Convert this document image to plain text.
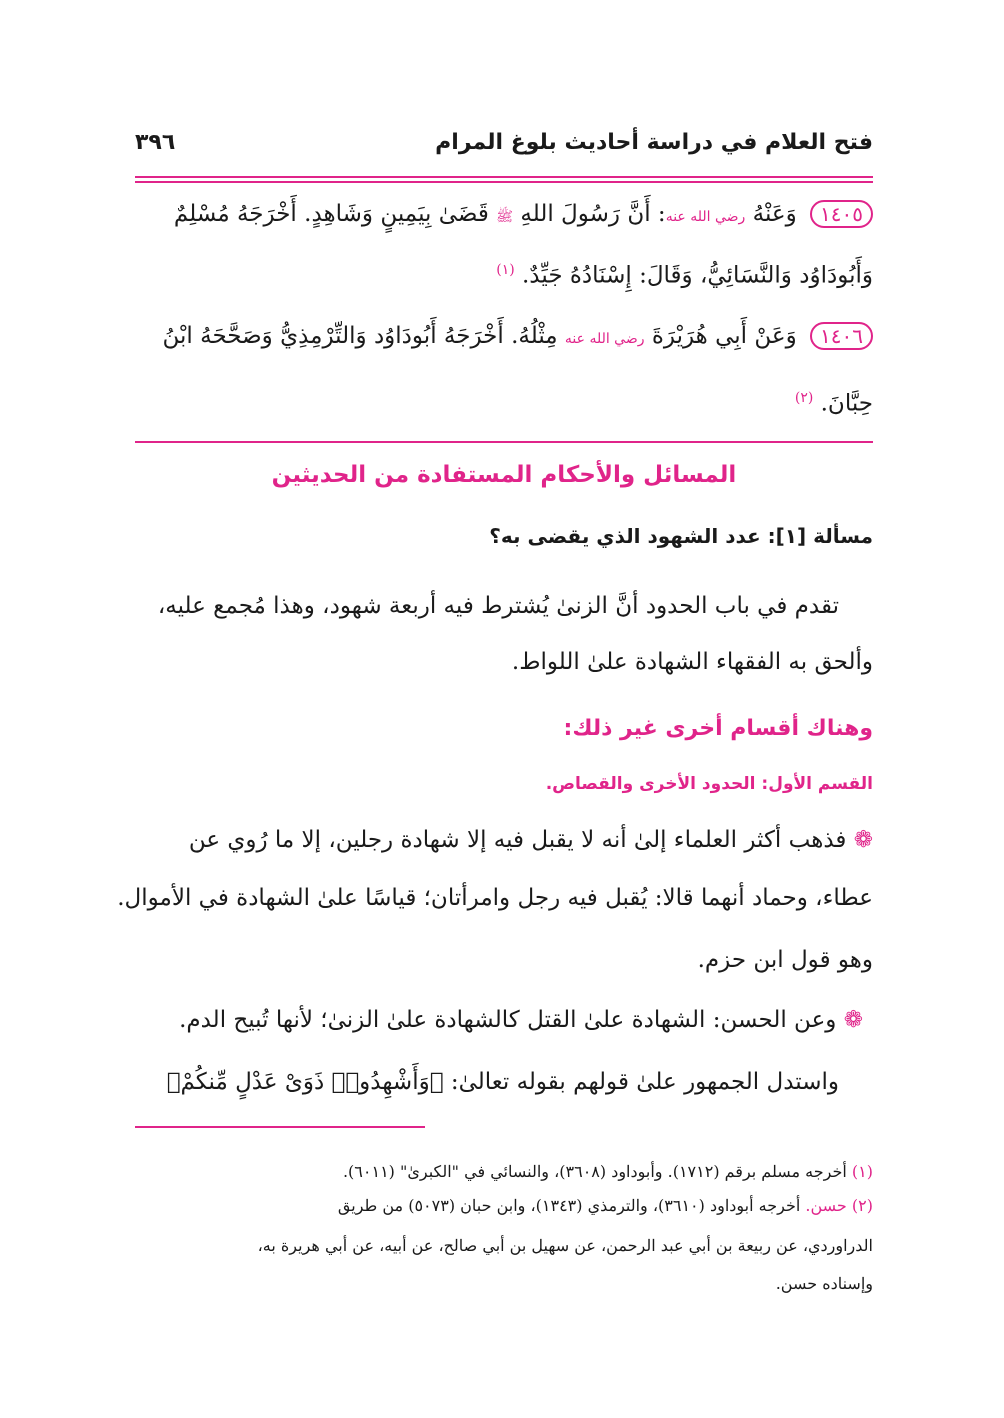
فتح العلام في دراسة أحاديث بلوغ المرام
٣٩٦
١٤٠٥ وَعَنْهُ رضي الله عنه: أَنَّ رَسُولَ اللهِ ﷺ قَضَىٰ بِيَمِينٍ وَشَاهِدٍ. أَخْرَجَهُ مُسْلِمٌ
وَأَبُودَاوُد وَالنَّسَائِيُّ، وَقَالَ: إِسْنَادُهُ جَيِّدٌ. $^{(١)}$
١٤٠٦ وَعَنْ أَبِي هُرَيْرَةَ رضي الله عنه مِثْلُهُ. أَخْرَجَهُ أَبُودَاوُد وَالتِّرْمِذِيُّ وَصَحَّحَهُ ابْنُ
حِبَّانَ. $^{(٢)}$
المسائل والأحكام المستفادة من الحديثين
مسألة [١]: عدد الشهود الذي يقضى به؟
تقدم في باب الحدود أنَّ الزنىٰ يُشترط فيه أربعة شهود، وهذا مُجمع عليه،
وألحق به الفقهاء الشهادة علىٰ اللواط.
وهناك أقسام أخرى غير ذلك:
القسم الأول: الحدود الأخرى والقصاص.
❁ فذهب أكثر العلماء إلىٰ أنه لا يقبل فيه إلا شهادة رجلين، إلا ما رُوي عن
عطاء، وحماد أنهما قالا: يُقبل فيه رجل وامرأتان؛ قياسًا علىٰ الشهادة في الأموال.
وهو قول ابن حزم.
❁ وعن الحسن: الشهادة علىٰ القتل كالشهادة علىٰ الزنىٰ؛ لأنها تُبيح الدم.
واستدل الجمهور علىٰ قولهم بقوله تعالىٰ: ﴿وَأَشْهِدُوا۟ ذَوَىْ عَدْلٍ مِّنكُمْ﴾
(١) أخرجه مسلم برقم (١٧١٢). وأبوداود (٣٦٠٨)، والنسائي في "الكبرىٰ" (٦٠١١).
(٢) حسن. أخرجه أبوداود (٣٦١٠)، والترمذي (١٣٤٣)، وابن حبان (٥٠٧٣) من طريق
الدراوردي، عن ربيعة بن أبي عبد الرحمن، عن سهيل بن أبي صالح، عن أبيه، عن أبي هريرة به،
وإسناده حسن.
